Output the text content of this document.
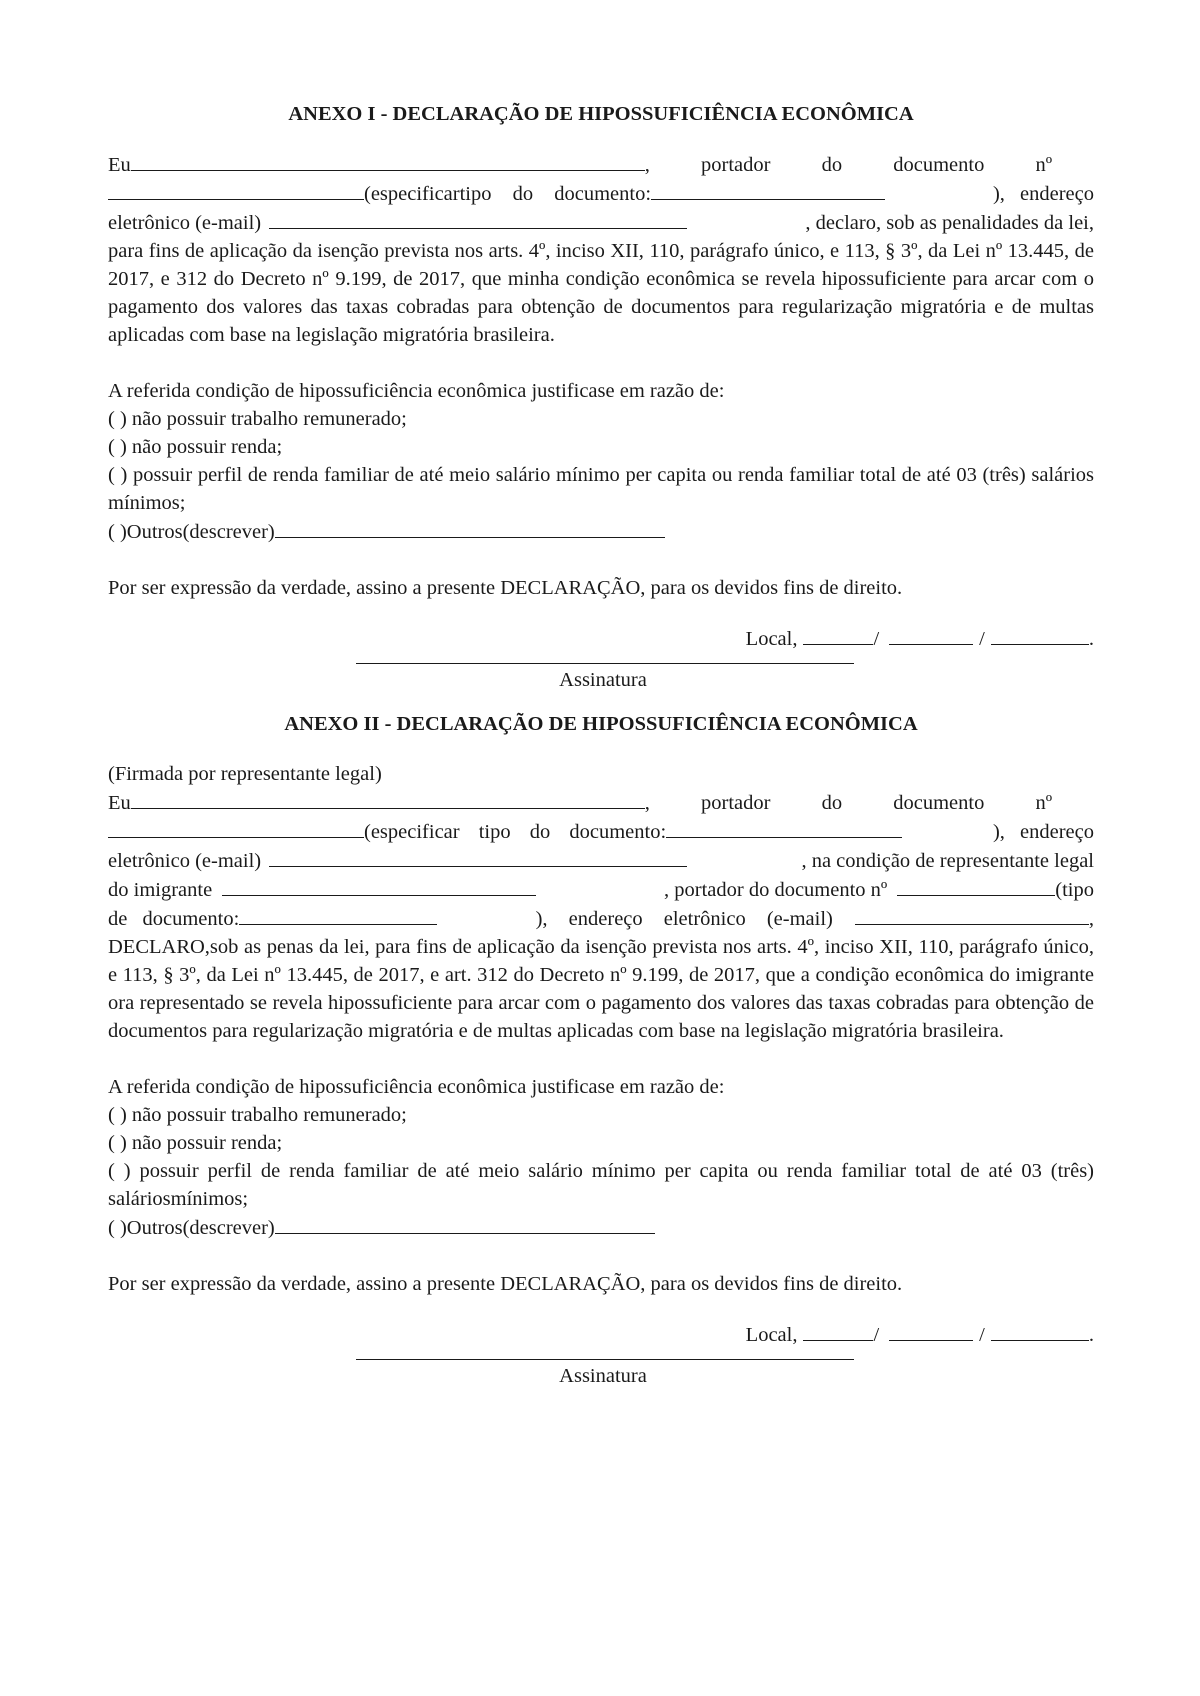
ANEXO I - DECLARAÇÃO DE HIPOSSUFICIÊNCIA ECONÔMICA
Eu	, portador do documento nº
(especificartipo do documento:	), endereço
eletrônico (e-mail)	, declaro, sob as penalidades da lei,

para fins de aplicação da isenção prevista nos arts. 4º, inciso XII, 110, parágrafo único, e 113, § 3º, da Lei nº 13.445, de 2017, e 312 do Decreto nº 9.199, de 2017, que minha condição econômica se revela hipossuficiente para arcar com o pagamento dos valores das taxas cobradas para obtenção de documentos para regularização migratória e de multas aplicadas com base na legislação migratória brasileira.

A referida condição de hipossuficiência econômica justificase em razão de:

( ) não possuir trabalho remunerado;

( ) não possuir renda;

( ) possuir perfil de renda familiar de até meio salário mínimo per capita ou renda familiar total de até 03 (três) salários mínimos;

( )Outros(descrever)

Por ser expressão da verdade, assino a presente DECLARAÇÃO, para os devidos fins de direito.

Local,	/	/	.
Assinatura
ANEXO II - DECLARAÇÃO DE HIPOSSUFICIÊNCIA ECONÔMICA

(Firmada por representante legal)

Eu	, portador do documento nº
(especificar tipo do documento:	), endereço
eletrônico (e-mail)	, na condição de representante legal
do imigrante	, portador do documento nº	(tipo
de documento:	), endereço eletrônico (e-mail)	,

DECLARO,sob as penas da lei, para fins de aplicação da isenção prevista nos arts. 4º, inciso XII, 110, parágrafo único, e 113, § 3º, da Lei nº 13.445, de 2017, e art. 312 do Decreto nº 9.199, de 2017, que a condição econômica do imigrante ora representado se revela hipossuficiente para arcar com o pagamento dos valores das taxas cobradas para obtenção de documentos para regularização migratória e de multas aplicadas com base na legislação migratória brasileira.

A referida condição de hipossuficiência econômica justificase em razão de:

( ) não possuir trabalho remunerado;

( ) não possuir renda;

( ) possuir perfil de renda familiar de até meio salário mínimo per capita ou renda familiar total de até 03 (três) saláriosmínimos;

( )Outros(descrever)

Por ser expressão da verdade, assino a presente DECLARAÇÃO, para os devidos fins de direito.

Local,	/	/	.
Assinatura
